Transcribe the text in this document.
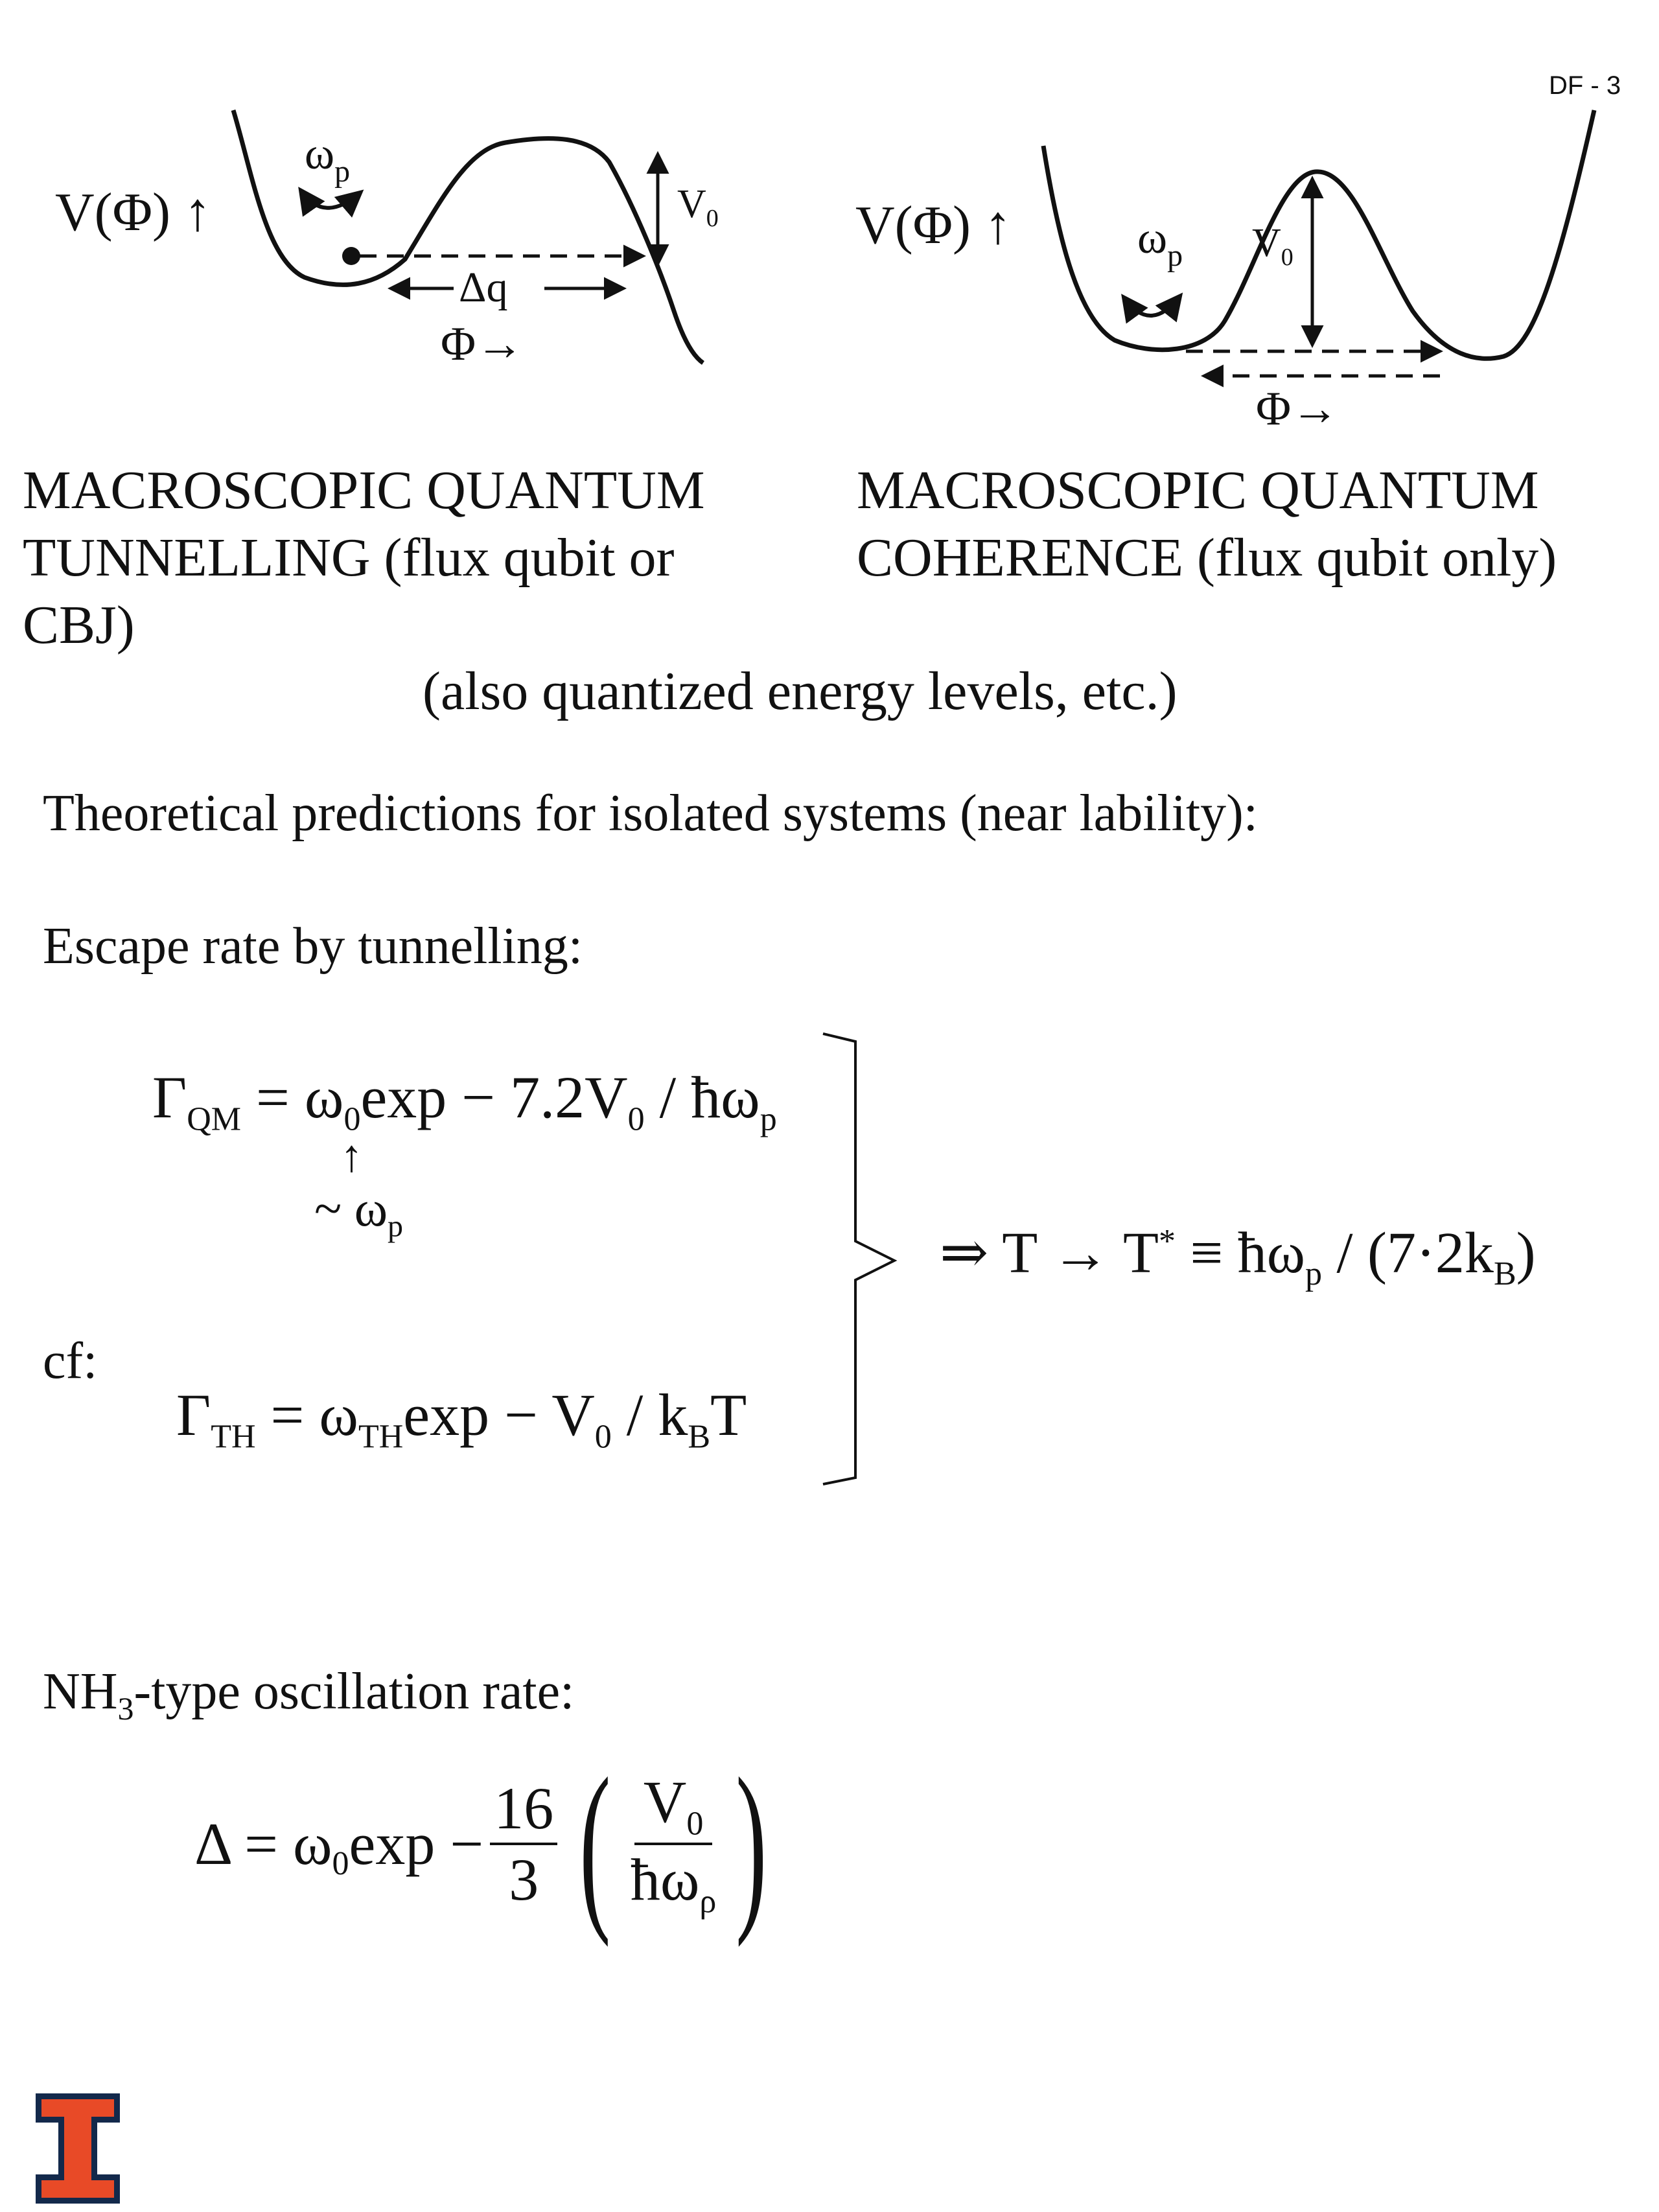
DF - 3
V(Φ) ↑
$\omega_p$
$V_0$
Δq
Φ→
V(Φ) ↑	$\omega_p$ $V_0$
Φ→
MACROSCOPIC QUANTUM
TUNNELLING (flux qubit or
CBJ)
MACROSCOPIC QUANTUM
COHERENCE (flux qubit only)
(also quantized energy levels, etc.)
Theoretical predictions for isolated systems (near lability):
Escape rate by tunnelling:
$\Gamma_{QM} = \omega_0\exp - 7.2V_0$ / $ħ\omega_p$
↑
~ $\omega_p$	⇒ $T \to T^* \equiv ħ\omega_p / (7\cdot 2k_B)$
cf:
$\Gamma_{TH} = \omega_{TH}\exp - V_0 / k_BT$
$NH_3$-type oscillation rate:
$\Delta = \omega_0$ $\exp - \frac{16}{3}$ ( $V_0$
$ħ\omega_\rho$ )
